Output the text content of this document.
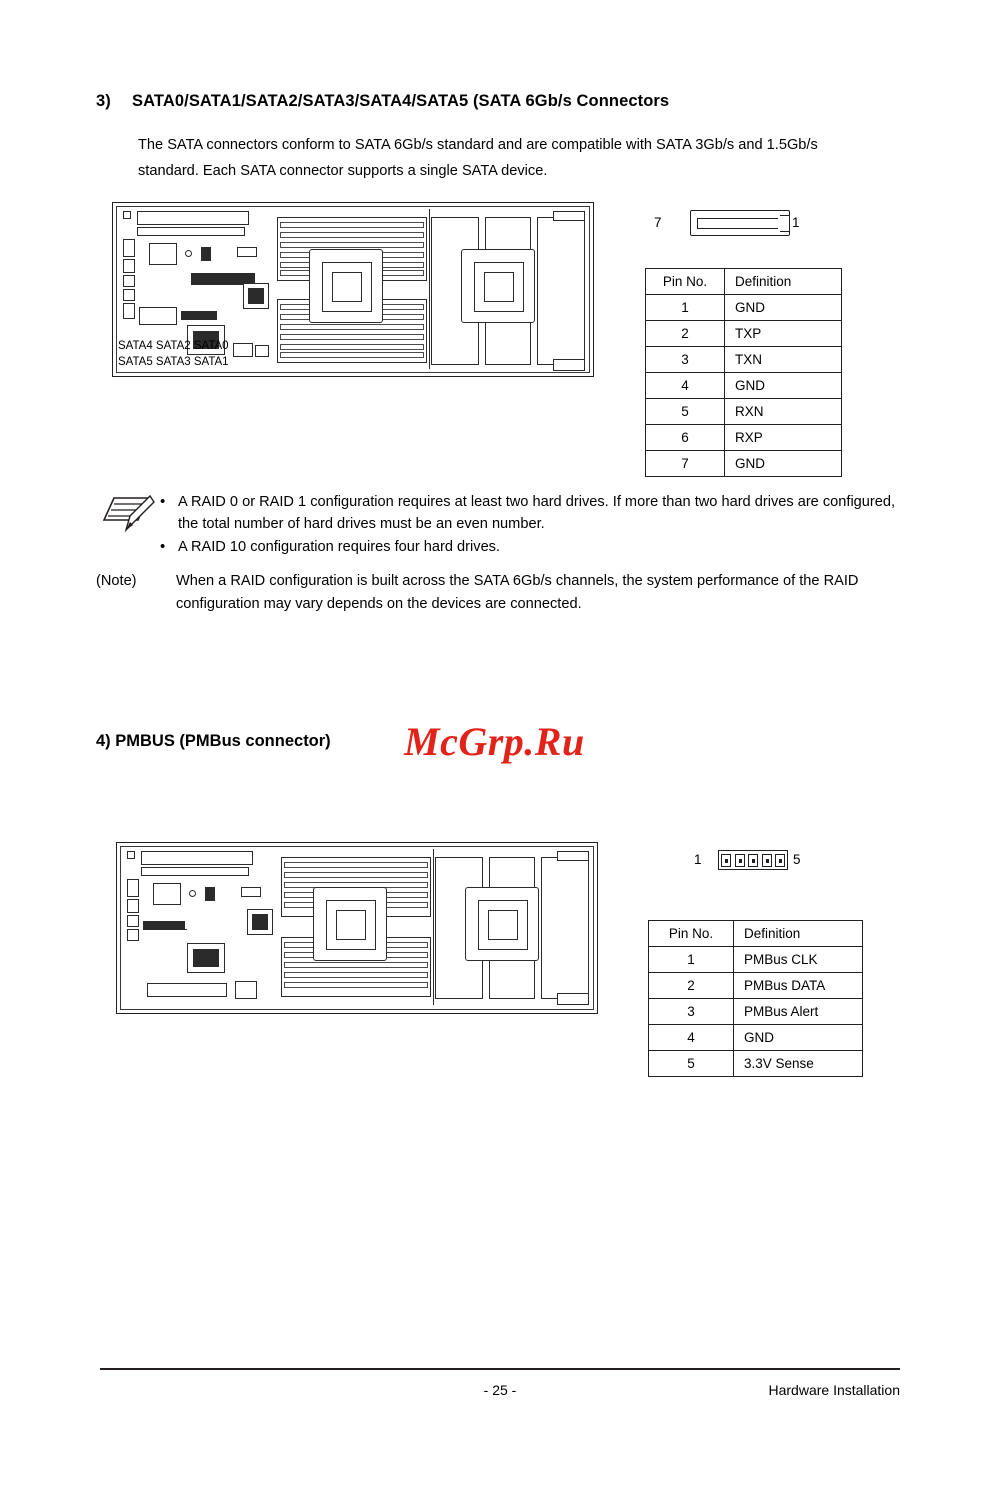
3) SATA0/SATA1/SATA2/SATA3/SATA4/SATA5 (SATA 6Gb/s Connectors
The SATA connectors conform to SATA 6Gb/s standard and are compatible with SATA 3Gb/s and 1.5Gb/s standard. Each SATA connector supports a single SATA device.
SATA4 SATA2 SATA0
SATA5 SATA3 SATA1
7	1
Pin No.	Definition
1	GND
2	TXP
3	TXN
4	GND
5	RXN
6	RXP
7	GND
• A RAID 0 or RAID 1 configuration requires at least two hard drives. If more than two hard drives are configured, the total number of hard drives must be an even number.
• A RAID 10 configuration requires four hard drives.
(Note)	When a RAID configuration is built across the SATA 6Gb/s channels, the system performance of the RAID configuration may vary depends on the devices are connected.
4) PMBUS (PMBus connector) McGrp.Ru
1	5
Pin No.	Definition
1	PMBus CLK
2	PMBus DATA
3	PMBus Alert
4	GND
5	3.3V Sense
- 25 -	Hardware Installation
